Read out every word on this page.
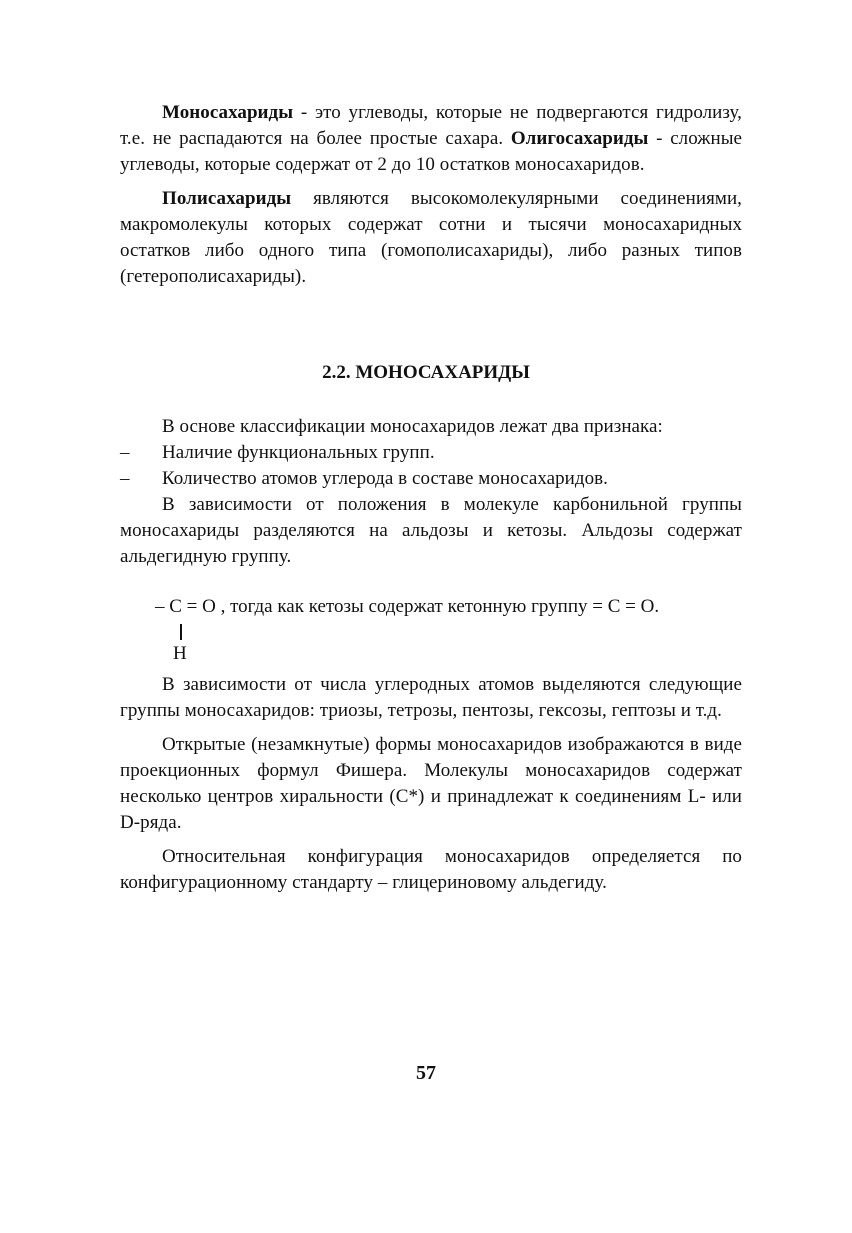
Моносахариды - это углеводы, которые не подвергаются гидролизу, т.е. не распадаются на более простые сахара. Олигосахариды - сложные углеводы, которые содержат от 2 до 10 остатков моносахаридов.

Полисахариды являются высокомолекулярными соединениями, макромолекулы которых содержат сотни и тысячи моносахаридных остатков либо одного типа (гомополисахариды), либо разных типов (гетерополисахариды).

2.2. МОНОСАХАРИДЫ

В основе классификации моносахаридов лежат два признака:

–	Наличие функциональных групп.
–	Количество атомов углерода в составе моносахаридов.

В зависимости от положения в молекуле карбонильной группы моносахариды разделяются на альдозы и кетозы. Альдозы содержат альдегидную группу.

– C = O , тогда как кетозы содержат кетонную группу = C = O.
H

В зависимости от числа углеродных атомов выделяются следующие группы моносахаридов: триозы, тетрозы, пентозы, гексозы, гептозы и т.д.

Открытые (незамкнутые) формы моносахаридов изображаются в виде проекционных формул Фишера. Молекулы моносахаридов содержат несколько центров хиральности (С*) и принадлежат к соединениям L- или D-ряда.

Относительная конфигурация моносахаридов определяется по конфигурационному стандарту – глицериновому альдегиду.

57
